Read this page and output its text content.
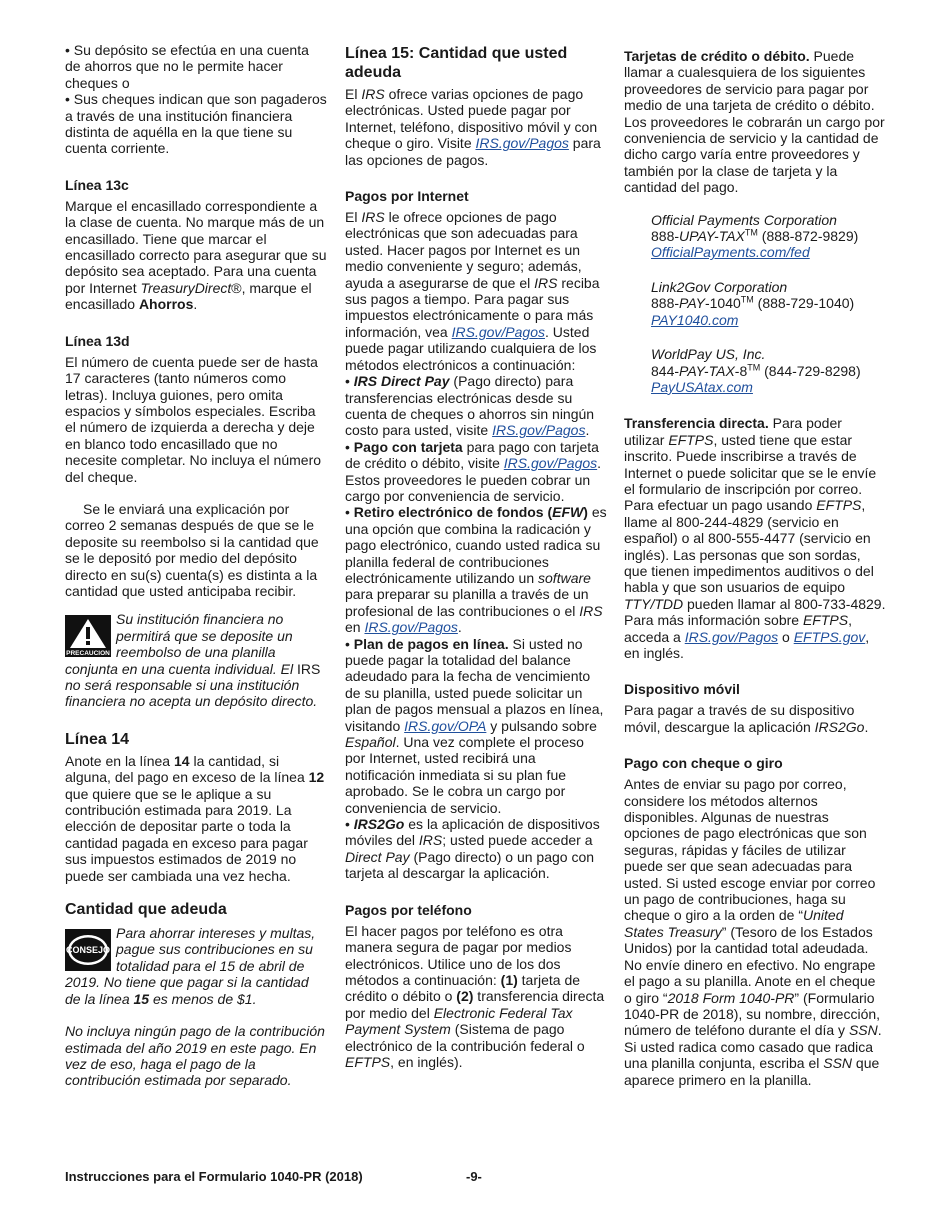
• Su depósito se efectúa en una cuenta de ahorros que no le permite hacer cheques o

• Sus cheques indican que son pagaderos a través de una institución financiera distinta de aquélla en la que tiene su cuenta corriente.

Línea 13c

Marque el encasillado correspondiente a la clase de cuenta. No marque más de un encasillado. Tiene que marcar el encasillado correcto para asegurar que su depósito sea aceptado. Para una cuenta por Internet TreasuryDirect®, marque el encasillado Ahorros.

Línea 13d

El número de cuenta puede ser de hasta 17 caracteres (tanto números como letras). Incluya guiones, pero omita espacios y símbolos especiales. Escriba el número de izquierda a derecha y deje en blanco todo encasillado que no necesite completar. No incluya el número del cheque.

Se le enviará una explicación por correo 2 semanas después de que se le deposite su reembolso si la cantidad que se le depositó por medio del depósito directo en su(s) cuenta(s) es distinta a la cantidad que usted anticipaba recibir.

PRECAUCION

Su institución financiera no permitirá que se deposite un reembolso de una planilla conjunta en una cuenta individual. El IRS no será responsable si una institución financiera no acepta un depósito directo.

Línea 14

Anote en la línea 14 la cantidad, si alguna, del pago en exceso de la línea 12 que quiere que se le aplique a su contribución estimada para 2019. La elección de depositar parte o toda la cantidad pagada en exceso para pagar sus impuestos estimados de 2019 no puede ser cambiada una vez hecha.

Cantidad que adeuda
CONSEJO

Para ahorrar intereses y multas, pague sus contribuciones en su totalidad para el 15 de abril de 2019. No tiene que pagar si la cantidad de la línea 15 es menos de $1.

No incluya ningún pago de la contribución estimada del año 2019 en este pago. En vez de eso, haga el pago de la contribución estimada por separado.

Línea 15: Cantidad que usted adeuda

El IRS ofrece varias opciones de pago electrónicas. Usted puede pagar por Internet, teléfono, dispositivo móvil y con cheque o giro. Visite IRS.gov/Pagos para las opciones de pagos.

Pagos por Internet

El IRS le ofrece opciones de pago electrónicas que son adecuadas para usted. Hacer pagos por Internet es un medio conveniente y seguro; además, ayuda a asegurarse de que el IRS reciba sus pagos a tiempo. Para pagar sus impuestos electrónicamente o para más información, vea IRS.gov/Pagos. Usted puede pagar utilizando cualquiera de los métodos electrónicos a continuación:

• IRS Direct Pay (Pago directo) para transferencias electrónicas desde su cuenta de cheques o ahorros sin ningún costo para usted, visite IRS.gov/Pagos.

• Pago con tarjeta para pago con tarjeta de crédito o débito, visite IRS.gov/Pagos. Estos proveedores le pueden cobrar un cargo por conveniencia de servicio.

• Retiro electrónico de fondos (EFW) es una opción que combina la radicación y pago electrónico, cuando usted radica su planilla federal de contribuciones electrónicamente utilizando un software para preparar su planilla a través de un profesional de las contribuciones o el IRS en IRS.gov/Pagos.

• Plan de pagos en línea. Si usted no puede pagar la totalidad del balance adeudado para la fecha de vencimiento de su planilla, usted puede solicitar un plan de pagos mensual a plazos en línea, visitando IRS.gov/OPA y pulsando sobre Español. Una vez complete el proceso por Internet, usted recibirá una notificación inmediata si su plan fue aprobado. Se le cobra un cargo por conveniencia de servicio.

• IRS2Go es la aplicación de dispositivos móviles del IRS; usted puede acceder a Direct Pay (Pago directo) o un pago con tarjeta al descargar la aplicación.

Pagos por teléfono

El hacer pagos por teléfono es otra manera segura de pagar por medios electrónicos. Utilice uno de los dos métodos a continuación: (1) tarjeta de crédito o débito o (2) transferencia directa por medio del Electronic Federal Tax Payment System (Sistema de pago electrónico de la contribución federal o EFTPS, en inglés).

Tarjetas de crédito o débito. Puede llamar a cualesquiera de los siguientes proveedores de servicio para pagar por medio de una tarjeta de crédito o débito. Los proveedores le cobrarán un cargo por conveniencia de servicio y la cantidad de dicho cargo varía entre proveedores y también por la clase de tarjeta y la cantidad del pago.

Official Payments Corporation

888-UPAY-TAX™ (888-872-9829)

OfficialPayments.com/fed

Link2Gov Corporation

888-PAY-1040™ (888-729-1040)

PAY1040.com

WorldPay US, Inc.

844-PAY-TAX-8™ (844-729-8298)

PayUSAtax.com

Transferencia directa. Para poder utilizar EFTPS, usted tiene que estar inscrito. Puede inscribirse a través de Internet o puede solicitar que se le envíe el formulario de inscripción por correo. Para efectuar un pago usando EFTPS, llame al 800-244-4829 (servicio en español) o al 800-555-4477 (servicio en inglés). Las personas que son sordas, que tienen impedimentos auditivos o del habla y que son usuarios de equipo TTY/TDD pueden llamar al 800-733-4829. Para más información sobre EFTPS, acceda a IRS.gov/Pagos o EFTPS.gov, en inglés.

Dispositivo móvil

Para pagar a través de su dispositivo móvil, descargue la aplicación IRS2Go.

Pago con cheque o giro

Antes de enviar su pago por correo, considere los métodos alternos disponibles. Algunas de nuestras opciones de pago electrónicas que son seguras, rápidas y fáciles de utilizar puede ser que sean adecuadas para usted. Si usted escoge enviar por correo un pago de contribuciones, haga su cheque o giro a la orden de “United States Treasury” (Tesoro de los Estados Unidos) por la cantidad total adeudada. No envíe dinero en efectivo. No engrape el pago a su planilla. Anote en el cheque o giro “2018 Form 1040-PR” (Formulario 1040-PR de 2018), su nombre, dirección, número de teléfono durante el día y SSN. Si usted radica como casado que radica una planilla conjunta, escriba el SSN que aparece primero en la planilla.

Instrucciones para el Formulario 1040-PR (2018)	-9-
